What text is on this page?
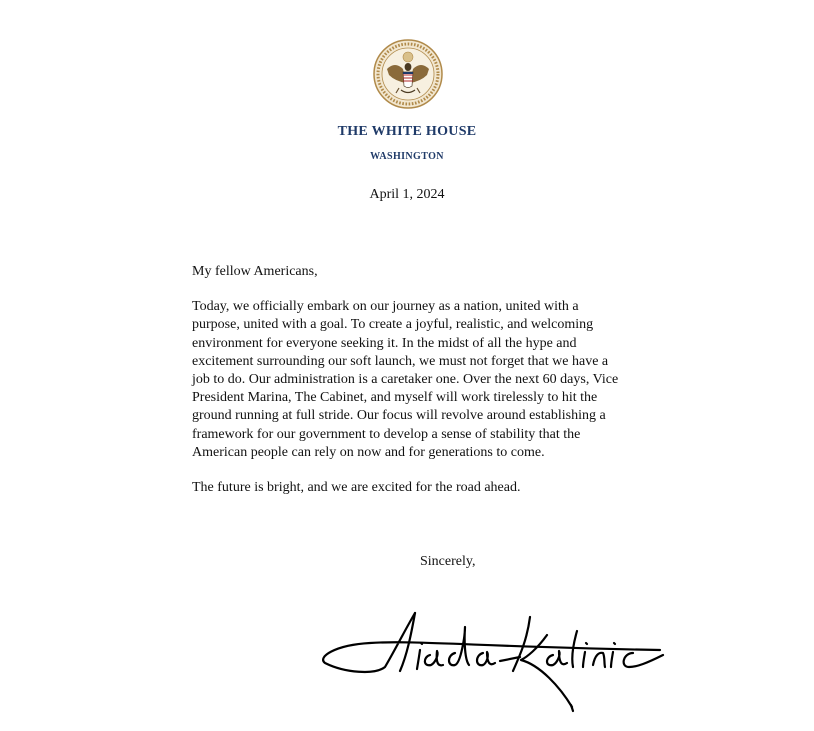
THE WHITE HOUSE
WASHINGTON
April 1, 2024

My fellow Americans,

Today, we officially embark on our journey as a nation, united with a purpose, united with a goal. To create a joyful, realistic, and welcoming environment for everyone seeking it. In the midst of all the hype and excitement surrounding our soft launch, we must not forget that we have a job to do. Our administration is a caretaker one. Over the next 60 days, Vice President Marina, The Cabinet, and myself will work tirelessly to hit the ground running at full stride. Our focus will revolve around establishing a framework for our government to develop a sense of stability that the American people can rely on now and for generations to come.

The future is bright, and we are excited for the road ahead.

Sincerely,
